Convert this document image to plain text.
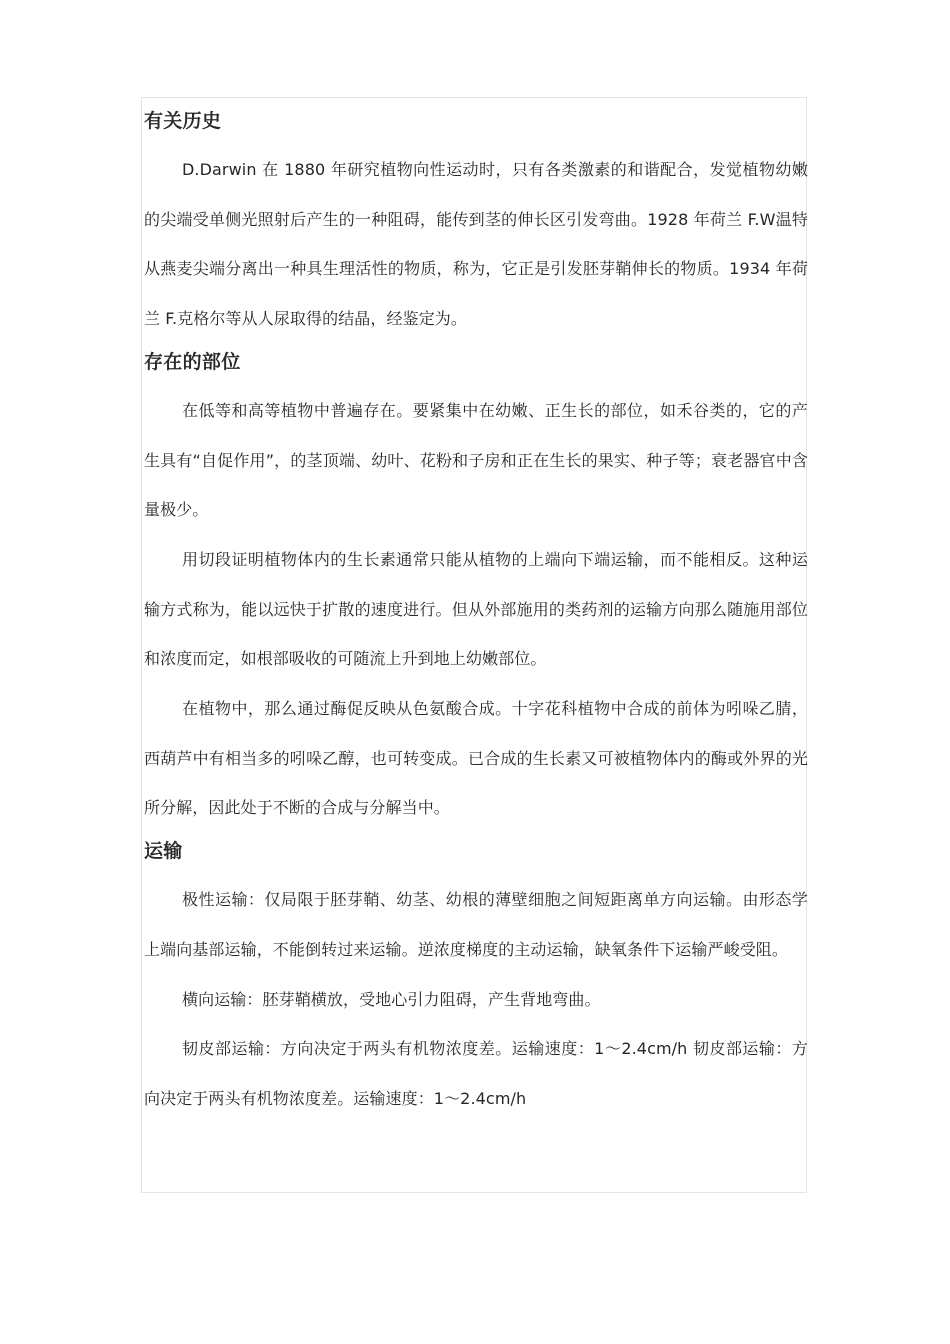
有关历史

D.Darwin 在 1880 年研究植物向性运动时，只有各类激素的和谐配合，发觉植物幼嫩的尖端受单侧光照射后产生的一种阻碍，能传到茎的伸长区引发弯曲。1928 年荷兰 F.W温特从燕麦尖端分离出一种具生理活性的物质，称为，它正是引发胚芽鞘伸长的物质。1934 年荷兰 F.克格尔等从人尿取得的结晶，经鉴定为。

存在的部位

在低等和高等植物中普遍存在。要紧集中在幼嫩、正生长的部位，如禾谷类的，它的产生具有“自促作用”，的茎顶端、幼叶、花粉和子房和正在生长的果实、种子等；衰老器官中含量极少。

用切段证明植物体内的生长素通常只能从植物的上端向下端运输，而不能相反。这种运输方式称为，能以远快于扩散的速度进行。但从外部施用的类药剂的运输方向那么随施用部位和浓度而定，如根部吸收的可随流上升到地上幼嫩部位。

在植物中，那么通过酶促反映从色氨酸合成。十字花科植物中合成的前体为吲哚乙腈，西葫芦中有相当多的吲哚乙醇，也可转变成。已合成的生长素又可被植物体内的酶或外界的光所分解，因此处于不断的合成与分解当中。

运输

极性运输：仅局限于胚芽鞘、幼茎、幼根的薄壁细胞之间短距离单方向运输。由形态学上端向基部运输，不能倒转过来运输。逆浓度梯度的主动运输，缺氧条件下运输严峻受阻。

横向运输：胚芽鞘横放，受地心引力阻碍，产生背地弯曲。

韧皮部运输：方向决定于两头有机物浓度差。运输速度：1～2.4cm/h 韧皮部运输：方向决定于两头有机物浓度差。运输速度：1～2.4cm/h
